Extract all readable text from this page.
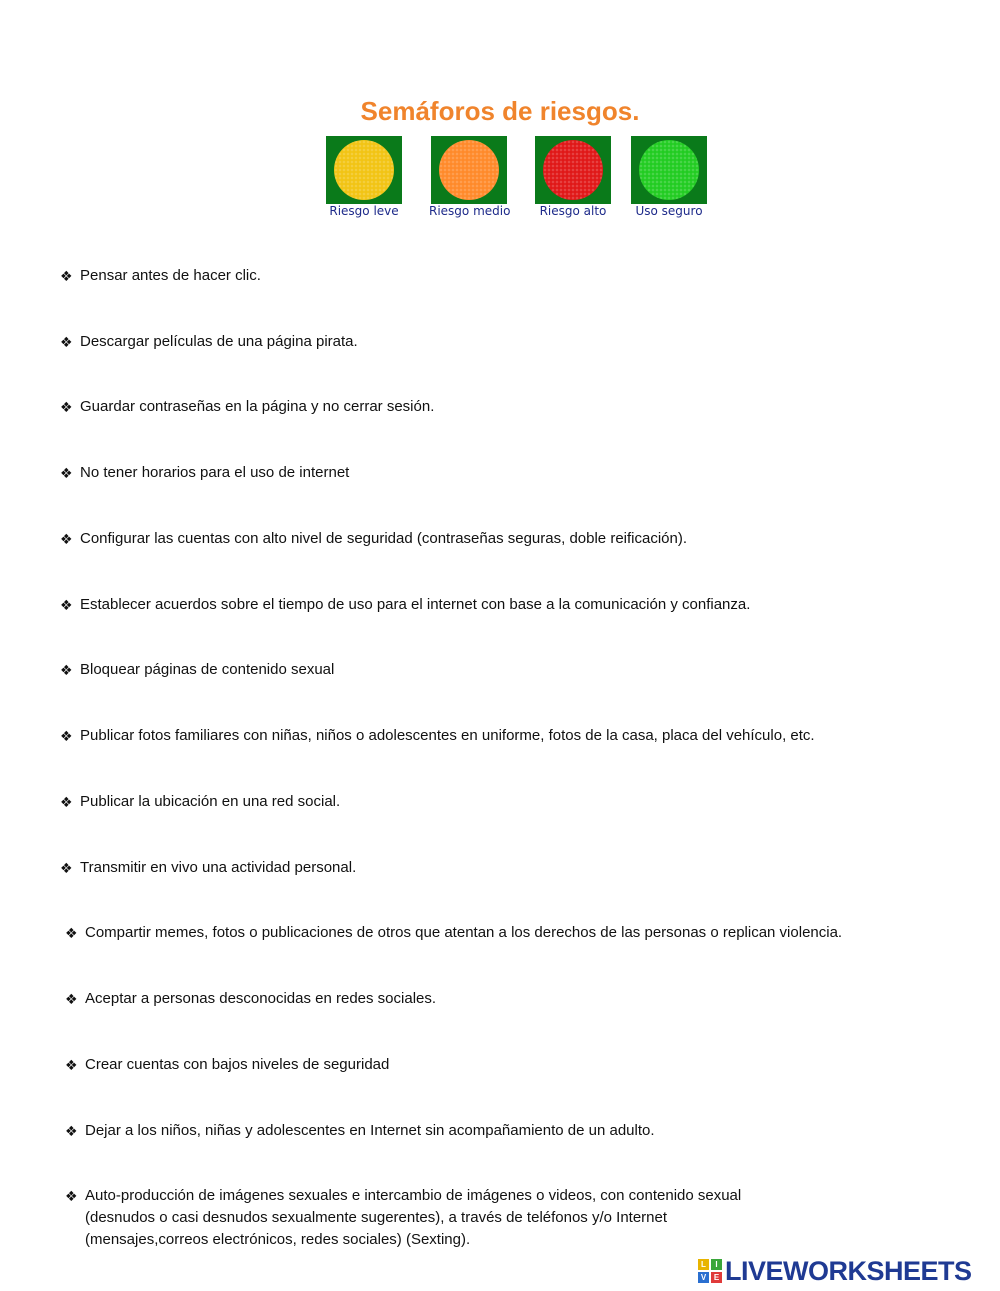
Semáforos de riesgos.
Riesgo leve	Riesgo medio	Riesgo alto	Uso seguro
❖ Pensar antes de hacer clic.
❖ Descargar películas de una página pirata.
❖ Guardar contraseñas en la página y no cerrar sesión.
❖ No tener horarios para el uso de internet
❖ Configurar las cuentas con alto nivel de seguridad (contraseñas seguras, doble reificación).
❖ Establecer acuerdos sobre el tiempo de uso para el internet con base a la comunicación y confianza.
❖ Bloquear páginas de contenido sexual
❖ Publicar fotos familiares con niñas, niños o adolescentes en uniforme, fotos de la casa, placa del vehículo, etc.
❖ Publicar la ubicación en una red social.
❖ Transmitir en vivo una actividad personal.
❖ Compartir memes, fotos o publicaciones de otros que atentan a los derechos de las personas o replican violencia.
❖ Aceptar a personas desconocidas en redes sociales.
❖ Crear cuentas con bajos niveles de seguridad
❖ Dejar a los niños, niñas y adolescentes en Internet sin acompañamiento de un adulto.
❖ Auto-producción de imágenes sexuales e intercambio de imágenes o videos, con contenido sexual
(desnudos o casi desnudos sexualmente sugerentes), a través de teléfonos y/o Internet
(mensajes,correos electrónicos, redes sociales) (Sexting).
L	I
V E LIVEWORKSHEETS
